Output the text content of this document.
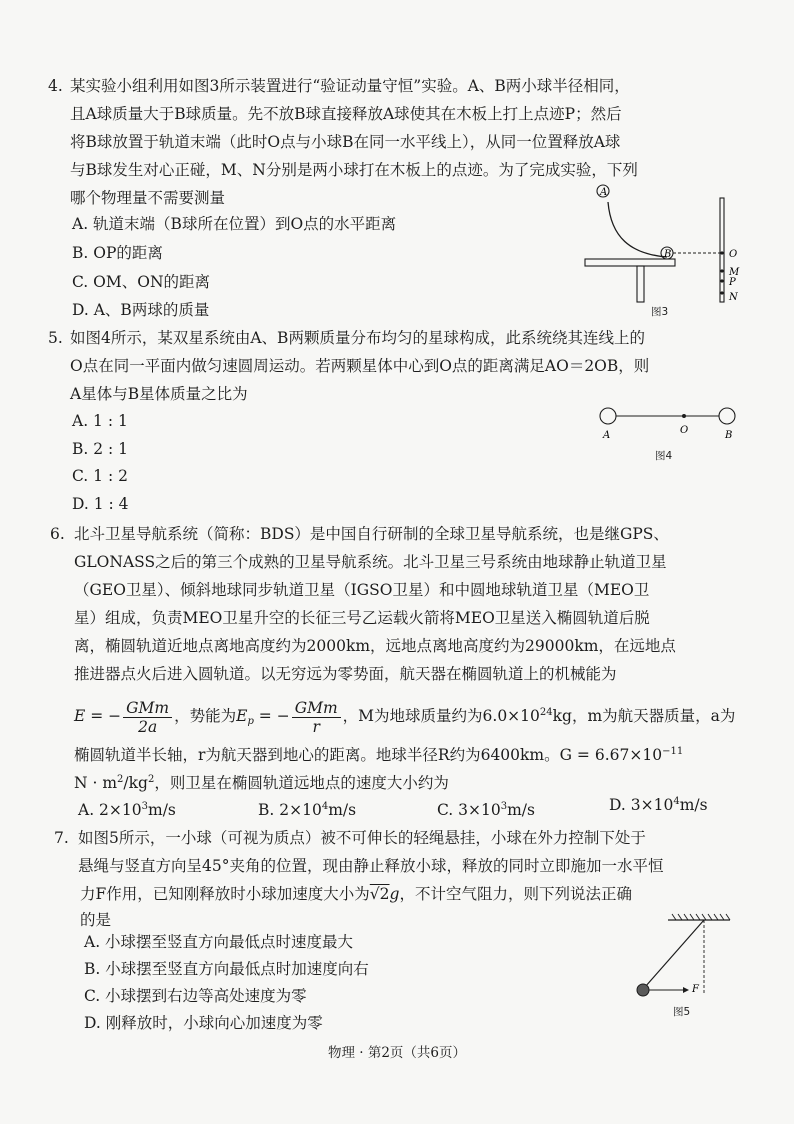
4. 某实验小组利用如图3所示装置进行“验证动量守恒”实验。A、B两小球半径相同，
且A球质量大于B球质量。先不放B球直接释放A球使其在木板上打上点迹P；然后
将B球放置于轨道末端（此时O点与小球B在同一水平线上），从同一位置释放A球
与B球发生对心正碰，M、N分别是两小球打在木板上的点迹。为了完成实验，下列
哪个物理量不需要测量
A. 轨道末端（B球所在位置）到O点的水平距离
B. OP的距离
C. OM、ON的距离
D. A、B两球的质量
A
B	O
M
P
N
图3
5. 如图4所示，某双星系统由A、B两颗质量分布均匀的星球构成，此系统绕其连线上的
O点在同一平面内做匀速圆周运动。若两颗星体中心到O点的距离满足AO＝2OB，则
A星体与B星体质量之比为
A. 1 : 1
B. 2 : 1
C. 1 : 2
D. 1 : 4
A	O	B
图4
6. 北斗卫星导航系统（简称：BDS）是中国自行研制的全球卫星导航系统，也是继GPS、
GLONASS之后的第三个成熟的卫星导航系统。北斗卫星三号系统由地球静止轨道卫星
（GEO卫星）、倾斜地球同步轨道卫星（IGSO卫星）和中圆地球轨道卫星（MEO卫
星）组成，负责MEO卫星升空的长征三号乙运载火箭将MEO卫星送入椭圆轨道后脱
离，椭圆轨道近地点离地高度约为2000km，远地点离地高度约为29000km，在远地点
推进器点火后进入圆轨道。以无穷远为零势面，航天器在椭圆轨道上的机械能为
E = − $\frac{\text{GMm}}{2a}$ ，势能为$E_p$ = − $\frac{\text{GMm}}{r}$ ，M为地球质量约为$6.0\times 10^{24}kg$，m为航天器质量，a为
椭圆轨道半长轴，r为航天器到地心的距离。地球半径R约为6400km。$G = 6.67\times 10^{-11}$
$N \cdot m^2/kg^2$，则卫星在椭圆轨道远地点的速度大小约为
A. $2\times 10^3m/s$	B. $2\times 10^4m/s$	C. $3\times 10^3m/s$	D. $3\times 10^4m/s$
7. 如图5所示，一小球（可视为质点）被不可伸长的轻绳悬挂，小球在外力控制下处于
悬绳与竖直方向呈45°夹角的位置，现由静止释放小球，释放的同时立即施加一水平恒
力F作用，已知刚释放时小球加速度大小为√2g，不计空气阻力，则下列说法正确
的是
A. 小球摆至竖直方向最低点时速度最大
B. 小球摆至竖直方向最低点时加速度向右
C. 小球摆到右边等高处速度为零
D. 刚释放时，小球向心加速度为零
F
图5
物理 · 第2页（共6页）
